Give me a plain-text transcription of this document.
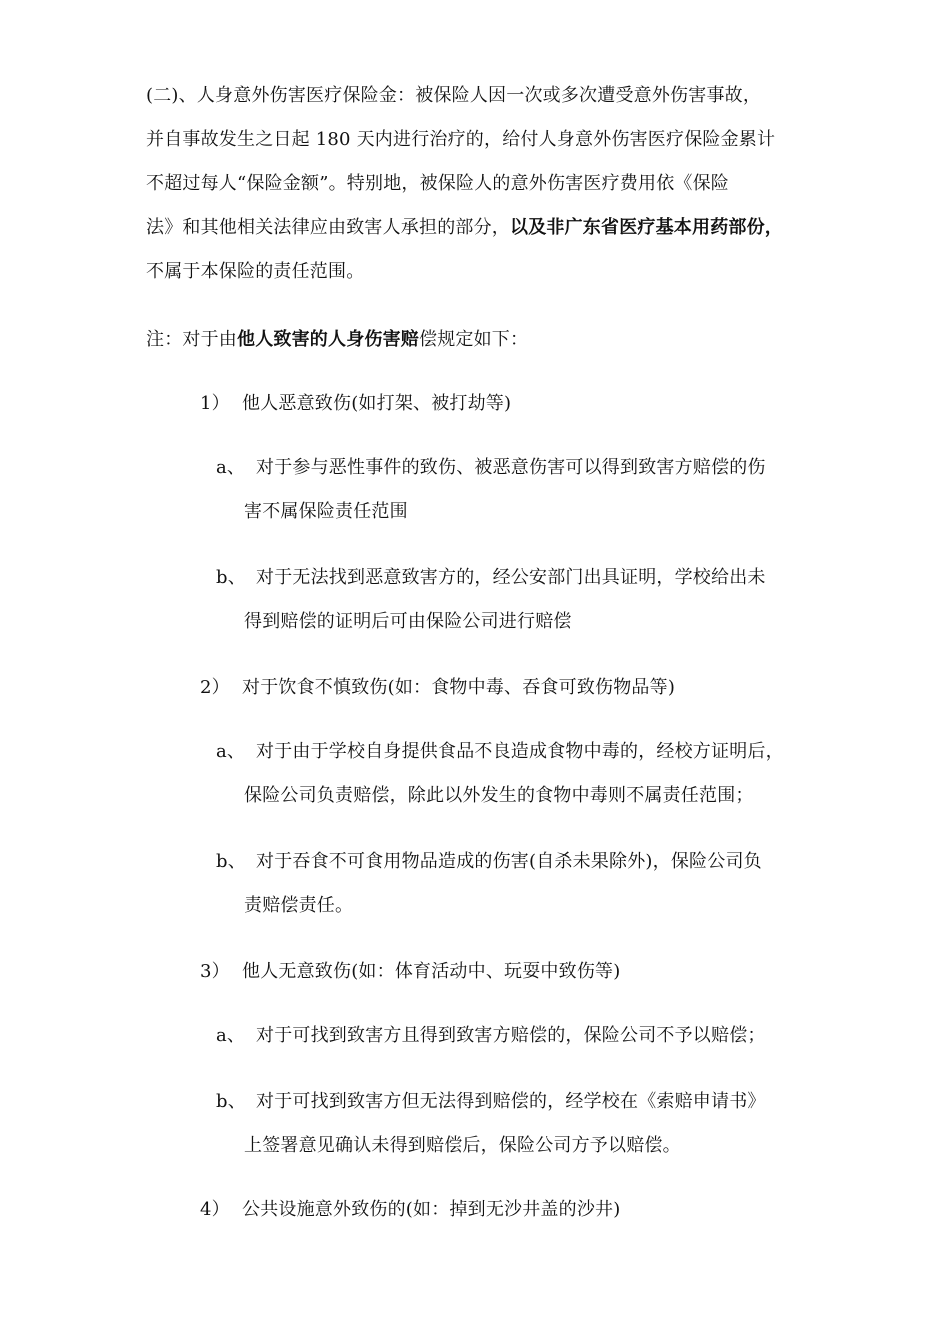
(二)、人身意外伤害医疗保险金：被保险人因一次或多次遭受意外伤害事故，
并自事故发生之日起 180 天内进行治疗的，给付人身意外伤害医疗保险金累计
不超过每人“保险金额”。特别地，被保险人的意外伤害医疗费用依《保险
法》和其他相关法律应由致害人承担的部分，以及非广东省医疗基本用药部份，
不属于本保险的责任范围。
注：对于由他人致害的人身伤害赔偿规定如下：
1） 他人恶意致伤(如打架、被打劫等)
a、 对于参与恶性事件的致伤、被恶意伤害可以得到致害方赔偿的伤
害不属保险责任范围
b、 对于无法找到恶意致害方的，经公安部门出具证明，学校给出未
得到赔偿的证明后可由保险公司进行赔偿
2） 对于饮食不慎致伤(如：食物中毒、吞食可致伤物品等)
a、 对于由于学校自身提供食品不良造成食物中毒的，经校方证明后，
保险公司负责赔偿，除此以外发生的食物中毒则不属责任范围；
b、 对于吞食不可食用物品造成的伤害(自杀未果除外)，保险公司负
责赔偿责任。
3） 他人无意致伤(如：体育活动中、玩耍中致伤等)
a、 对于可找到致害方且得到致害方赔偿的，保险公司不予以赔偿；
b、 对于可找到致害方但无法得到赔偿的，经学校在《索赔申请书》
上签署意见确认未得到赔偿后，保险公司方予以赔偿。
4） 公共设施意外致伤的(如：掉到无沙井盖的沙井)
